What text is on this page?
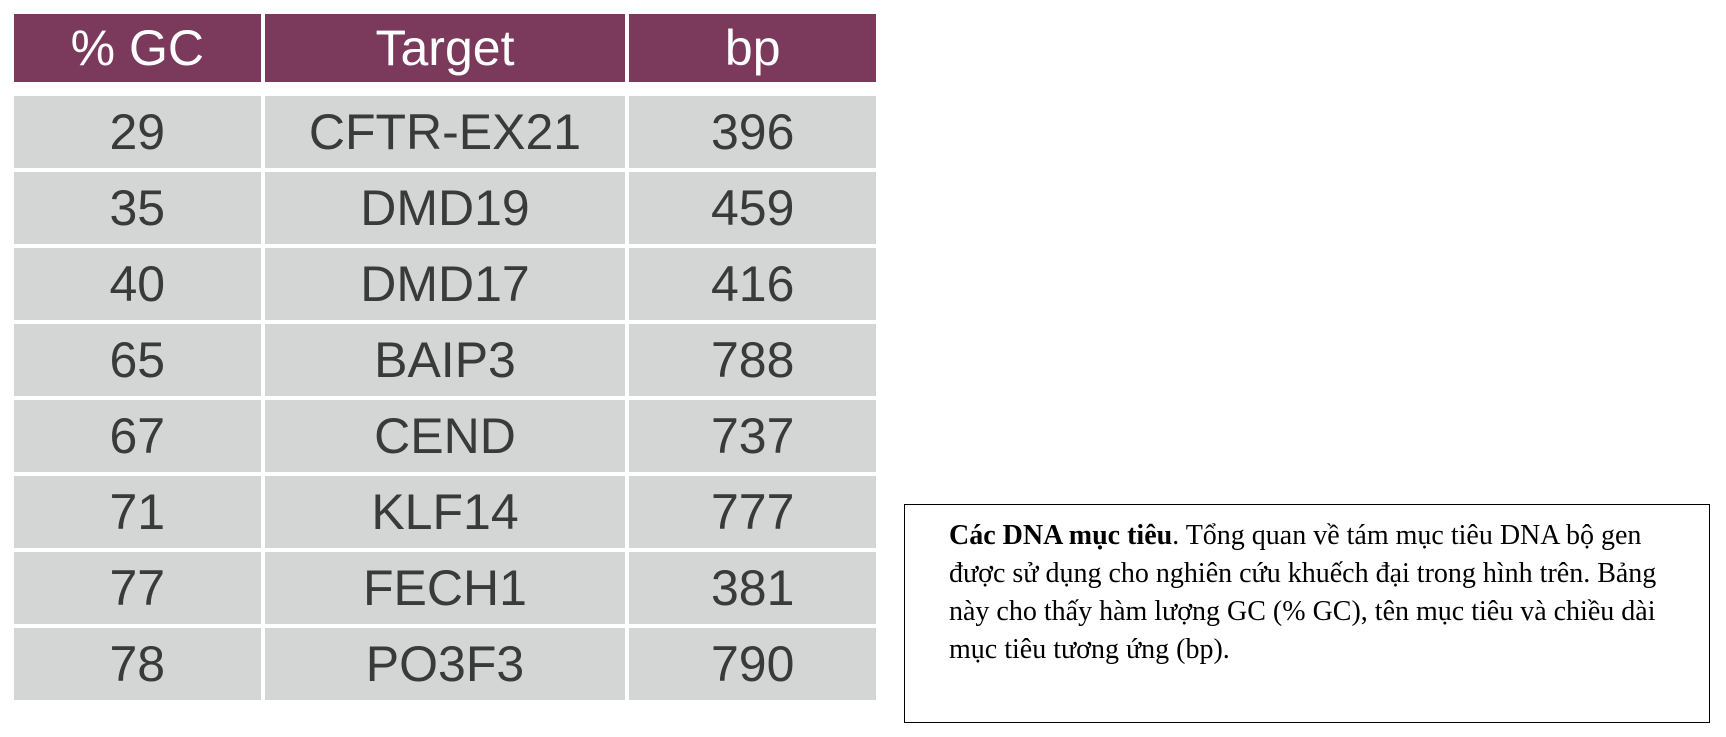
% GC	Target	bp

29	CFTR-EX21	396
35	DMD19	459
40	DMD17	416
65	BAIP3	788
67	CEND	737
71	KLF14	777
77	FECH1	381
78	PO3F3	790
Các DNA mục tiêu. Tổng quan về tám mục tiêu DNA bộ gen được sử dụng cho nghiên cứu khuếch đại trong hình trên. Bảng này cho thấy hàm lượng GC (% GC), tên mục tiêu và chiều dài mục tiêu tương ứng (bp).
